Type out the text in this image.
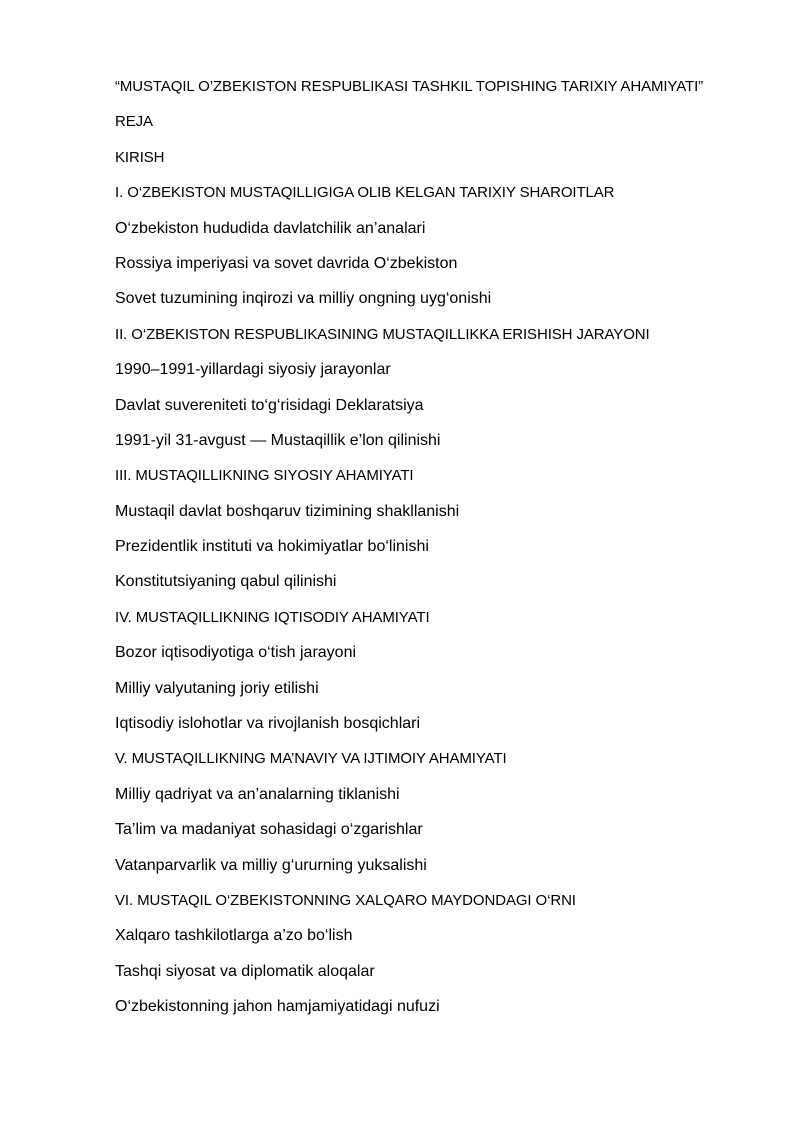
“MUSTAQIL O’ZBEKISTON RESPUBLIKASI TASHKIL TOPISHING TARIXIY AHAMIYATI”

REJA

KIRISH

I. O‘ZBEKISTON MUSTAQILLIGIGA OLIB KELGAN TARIXIY SHAROITLAR

O‘zbekiston hududida davlatchilik an’analari

Rossiya imperiyasi va sovet davrida O‘zbekiston

Sovet tuzumining inqirozi va milliy ongning uyg‘onishi

II. O‘ZBEKISTON RESPUBLIKASINING MUSTAQILLIKKA ERISHISH JARAYONI

1990–1991-yillardagi siyosiy jarayonlar

Davlat suvereniteti to‘g‘risidagi Deklaratsiya

1991-yil 31-avgust — Mustaqillik e’lon qilinishi

III. MUSTAQILLIKNING SIYOSIY AHAMIYATI

Mustaqil davlat boshqaruv tizimining shakllanishi

Prezidentlik instituti va hokimiyatlar bo‘linishi

Konstitutsiyaning qabul qilinishi

IV. MUSTAQILLIKNING IQTISODIY AHAMIYATI

Bozor iqtisodiyotiga o‘tish jarayoni

Milliy valyutaning joriy etilishi

Iqtisodiy islohotlar va rivojlanish bosqichlari

V. MUSTAQILLIKNING MA’NAVIY VA IJTIMOIY AHAMIYATI

Milliy qadriyat va an’analarning tiklanishi

Ta’lim va madaniyat sohasidagi o‘zgarishlar

Vatanparvarlik va milliy g‘ururning yuksalishi

VI. MUSTAQIL O‘ZBEKISTONNING XALQARO MAYDONDAGI O‘RNI

Xalqaro tashkilotlarga a’zo bo‘lish

Tashqi siyosat va diplomatik aloqalar

O‘zbekistonning jahon hamjamiyatidagi nufuzi
